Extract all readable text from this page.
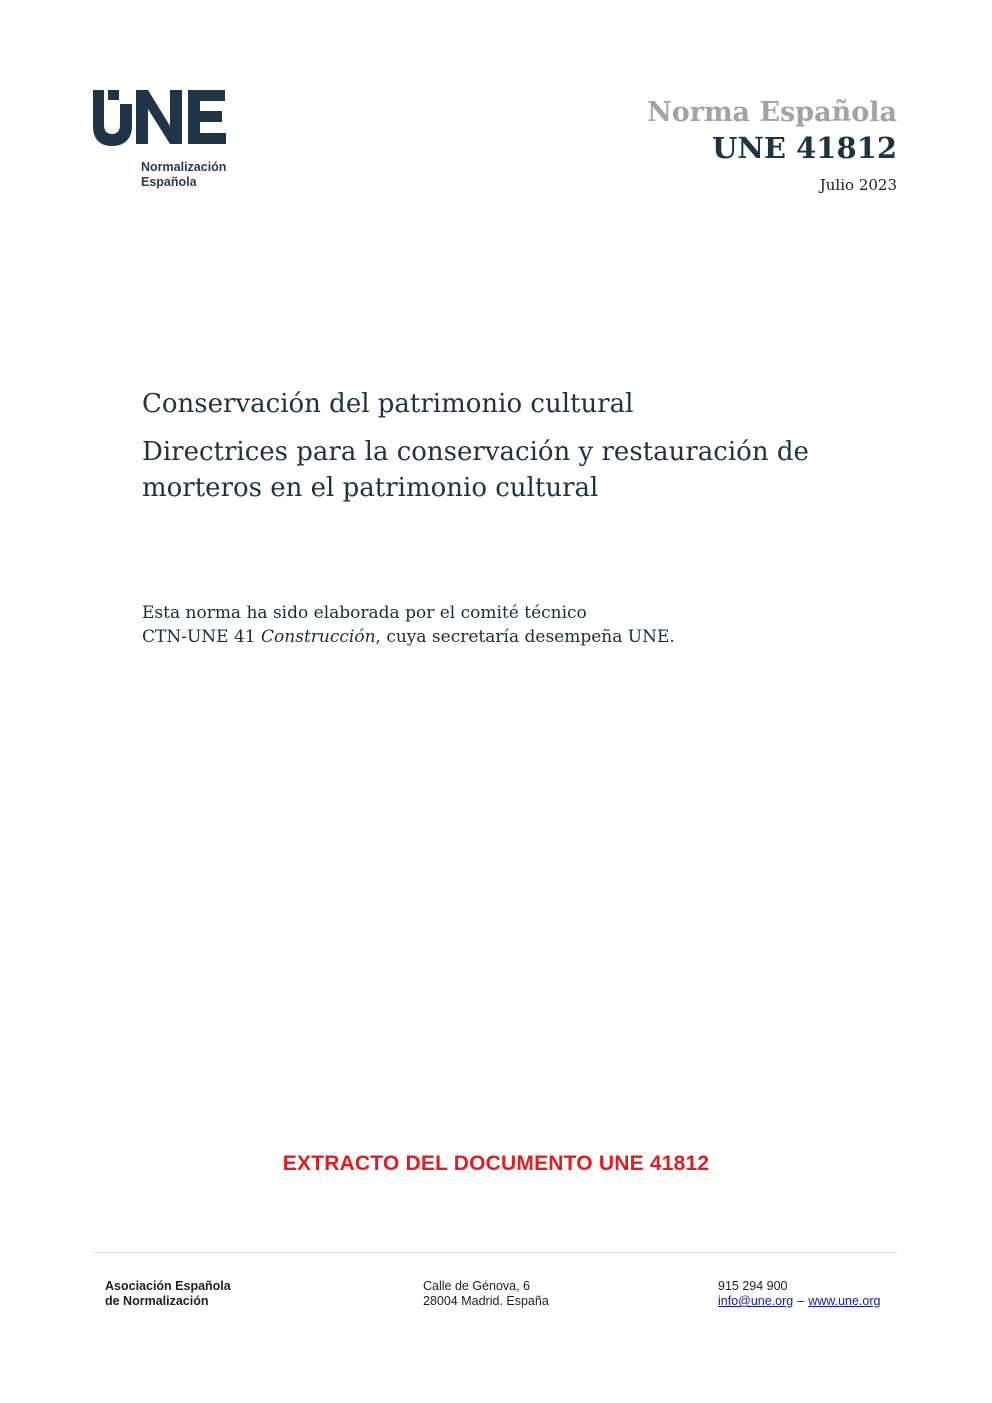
Normalización
Española
Norma Española
UNE 41812
Julio 2023
Conservación del patrimonio cultural
Directrices para la conservación y restauración de morteros en el patrimonio cultural
Esta norma ha sido elaborada por el comité técnico
CTN-UNE 41 Construcción, cuya secretaría desempeña UNE.
EXTRACTO DEL DOCUMENTO UNE 41812
Asociación Española
de Normalización
Calle de Génova, 6
28004 Madrid. España
915 294 900
info@une.org – www.une.org
